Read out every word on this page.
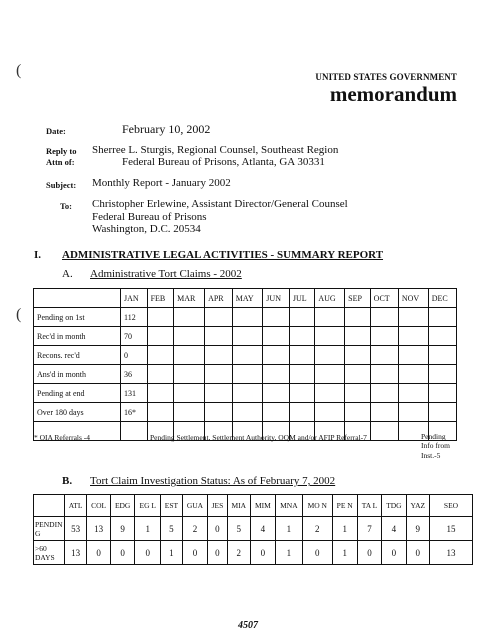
(
(
UNITED STATES GOVERNMENT
memorandum
Date:	February 10, 2002
Reply to
Attn of:
Sherree L. Sturgis, Regional Counsel, Southeast Region
Federal Bureau of Prisons, Atlanta, GA 30331
Subject: Monthly Report - January 2002
To: Christopher Erlewine, Assistant Director/General Counsel
Federal Bureau of Prisons
Washington, D.C. 20534
I. ADMINISTRATIVE LEGAL ACTIVITIES - SUMMARY REPORT
A. Administrative Tort Claims - 2002
	JAN	FEB	MAR	APR	MAY	JUN	JUL	AUG	SEP	OCT	NOV	DEC
Pending on 1st	112											
Rec'd in month	70											
Recons. rec'd	0											
Ans'd in month	36											
Pending at end	131											
Over 180 days	16*											

* OIA Referrals -4	Pending Settlement, Settlement Authority, OQM and/or AFIP Referral-7	Pending
Info from
Inst.-5
B. Tort Claim Investigation Status: As of February 7, 2002
	ATL	COL	EDG	EG L	EST	GUA	JES	MIA	MIM	MNA	MO N	PE N	TA L	TDG	YAZ	SEO
PENDIN G	53	13	9	1	5	2	0	5	4	1	2	1	7	4	9	15
>60 DAYS	13	0	0	0	1	0	0	2	0	1	0	1	0	0	0	13
4507
